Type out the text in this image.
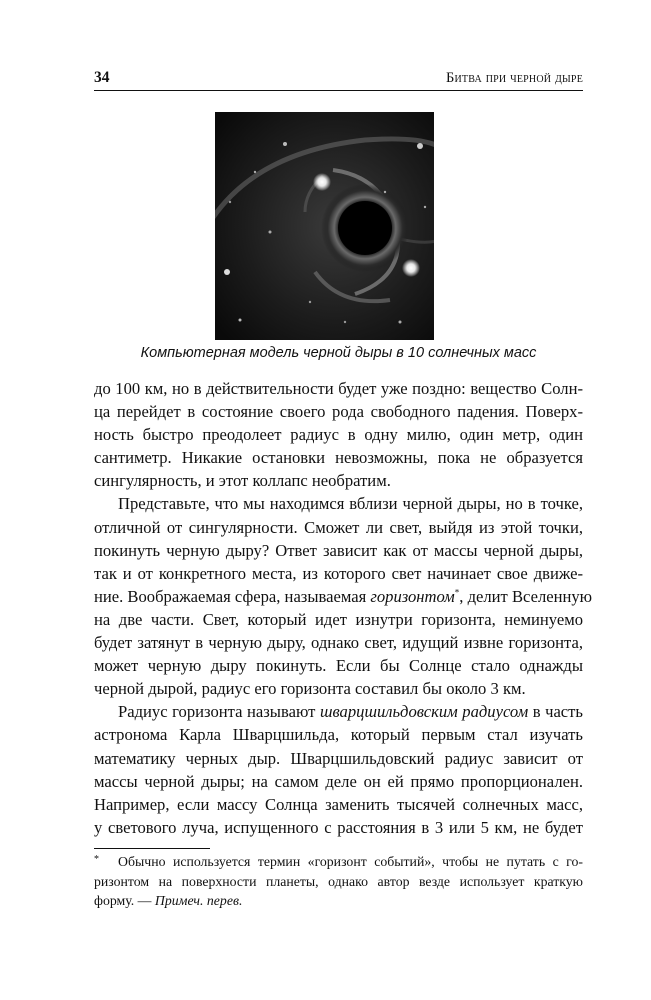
34	Битва при черной дыре
Компьютерная модель черной дыры в 10 солнечных масс
до 100 км, но в действительности будет уже поздно: вещество Солн-
ца перейдет в состояние своего рода свободного падения. Поверх-
ность быстро преодолеет радиус в одну милю, один метр, один
сантиметр. Никакие остановки невозможны, пока не образуется
сингулярность, и этот коллапс необратим.
Представьте, что мы находимся вблизи черной дыры, но в точке,
отличной от сингулярности. Сможет ли свет, выйдя из этой точки,
покинуть черную дыру? Ответ зависит как от массы черной дыры,
так и от конкретного места, из которого свет начинает свое движе-
ние. Воображаемая сфера, называемая горизонтом*, делит Вселенную
на две части. Свет, который идет изнутри горизонта, неминуемо
будет затянут в черную дыру, однако свет, идущий извне горизонта,
может черную дыру покинуть. Если бы Солнце стало однажды
черной дырой, радиус его горизонта составил бы около 3 км.
Радиус горизонта называют шварцшильдовским радиусом в часть
астронома Карла Шварцшильда, который первым стал изучать
математику черных дыр. Шварцшильдовский радиус зависит от
массы черной дыры; на самом деле он ей прямо пропорционален.
Например, если массу Солнца заменить тысячей солнечных масс,
у светового луча, испущенного с расстояния в 3 или 5 км, не будет
*	Обычно используется термин «горизонт событий», чтобы не путать с го-
ризонтом на поверхности планеты, однако автор везде использует краткую
форму. — Примеч. перев.
